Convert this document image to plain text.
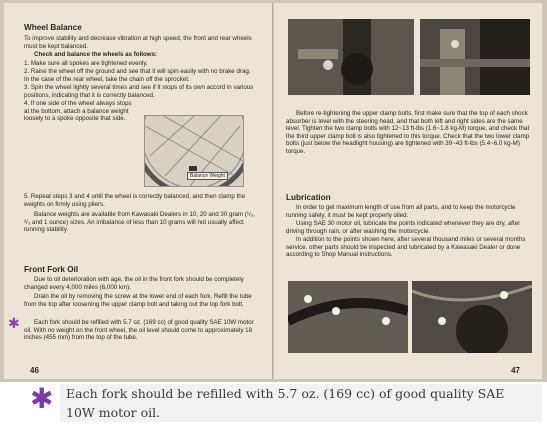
Wheel Balance

To improve stability and decrease vibration at high speed, the front and rear wheels must be kept balanced.

Check and balance the wheels as follows:

1. Make sure all spokes are tightened evenly.

2. Raise the wheel off the ground and see that it will spin easily with no brake drag. In the case of the rear wheel, take the chain off the sprocket.

3. Spin the wheel lightly several times and see if it stops of its own accord in various positions, indicating that it is correctly balanced.

4. If one side of the wheel always stops at the bottom, attach a balance weight loosely to a spoke opposite that side.

Balance Weight

5. Repeat steps 3 and 4 until the wheel is correctly balanced, and then clamp the weights on firmly using pliers.

Balance weights are available from Kawasaki Dealers in 10, 20 and 30 gram (¹/₃, ²/₃ and 1 ounce) sizes. An imbalance of less than 10 grams will not usually affect running stability.

Front Fork Oil

Due to oil deterioration with age, the oil in the front fork should be completely changed every 4,000 miles (6,000 km).

Drain the oil by removing the screw at the lower end of each fork. Refill the tube from the top after loosening the upper clamp bolt and taking out the top fork bolt.

✱	Each fork should be refilled with 5.7 oz. (169 cc) of good quality SAE 10W motor oil. With no weight on the front wheel, the oil level should come to approximately 18 inches (455 mm) from the top of the tube.

46

Before re-tightening the upper clamp bolts, first make sure that the top of each shock absorber is level with the steering head, and that both left and right sides are the same level. Tighten the two clamp bolts with 12~13 ft-lbs (1.6~1.8 kg-M) torque, and check that the third upper clamp bolt is also tightened to this torque. Check that the two lower clamp bolts (just below the headlight housing) are tightened with 39~43 ft-lbs (5.4~6.0 kg-M) torque.

Lubrication

In order to get maximum length of use from all parts, and to keep the motorcycle running safely, it must be kept properly oiled.

Using SAE 30 motor oil, lubricate the points indicated whenever they are dry, after driving through rain, or after washing the motorcycle.

In addition to the points shown here, after several thousand miles or several months service, other parts should be inspected and lubricated by a Kawasaki Dealer or done according to Shop Manual instructions.

47
✱	Each fork should be refilled with 5.7 oz. (169 cc) of good quality SAE 10W motor oil.
